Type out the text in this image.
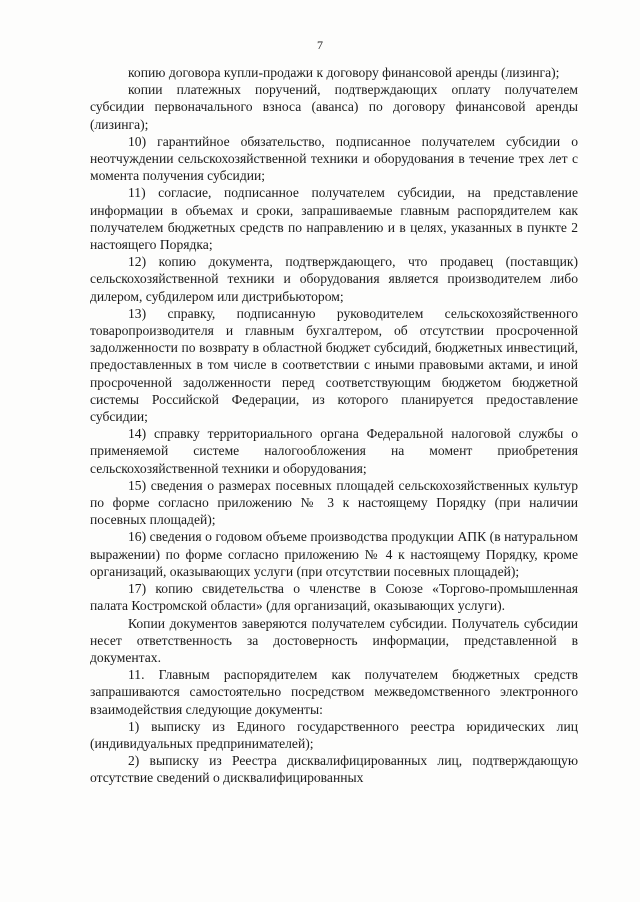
7

копию договора купли-продажи к договору финансовой аренды (лизинга);

копии платежных поручений, подтверждающих оплату получателем субсидии первоначального взноса (аванса) по договору финансовой аренды (лизинга);

10) гарантийное обязательство, подписанное получателем субсидии о неотчуждении сельскохозяйственной техники и оборудования в течение трех лет с момента получения субсидии;

11) согласие, подписанное получателем субсидии, на представление информации в объемах и сроки, запрашиваемые главным распорядителем как получателем бюджетных средств по направлению и в целях, указанных в пункте 2 настоящего Порядка;

12) копию документа, подтверждающего, что продавец (поставщик) сельскохозяйственной техники и оборудования является производителем либо дилером, субдилером или дистрибьютором;

13) справку, подписанную руководителем сельскохозяйственного товаропроизводителя и главным бухгалтером, об отсутствии просроченной задолженности по возврату в областной бюджет субсидий, бюджетных инвестиций, предоставленных в том числе в соответствии с иными правовыми актами, и иной просроченной задолженности перед соответствующим бюджетом бюджетной системы Российской Федерации, из которого планируется предоставление субсидии;

14) справку территориального органа Федеральной налоговой службы о применяемой системе налогообложения на момент приобретения сельскохозяйственной техники и оборудования;

15) сведения о размерах посевных площадей сельскохозяйственных культур по форме согласно приложению № 3 к настоящему Порядку (при наличии посевных площадей);

16) сведения о годовом объеме производства продукции АПК (в натуральном выражении) по форме согласно приложению № 4 к настоящему Порядку, кроме организаций, оказывающих услуги (при отсутствии посевных площадей);

17) копию свидетельства о членстве в Союзе «Торгово-промышленная палата Костромской области» (для организаций, оказывающих услуги).

Копии документов заверяются получателем субсидии. Получатель субсидии несет ответственность за достоверность информации, представленной в документах.

11. Главным распорядителем как получателем бюджетных средств запрашиваются самостоятельно посредством межведомственного электронного взаимодействия следующие документы:

1) выписку из Единого государственного реестра юридических лиц (индивидуальных предпринимателей);

2) выписку из Реестра дисквалифицированных лиц, подтверждающую отсутствие сведений о дисквалифицированных
